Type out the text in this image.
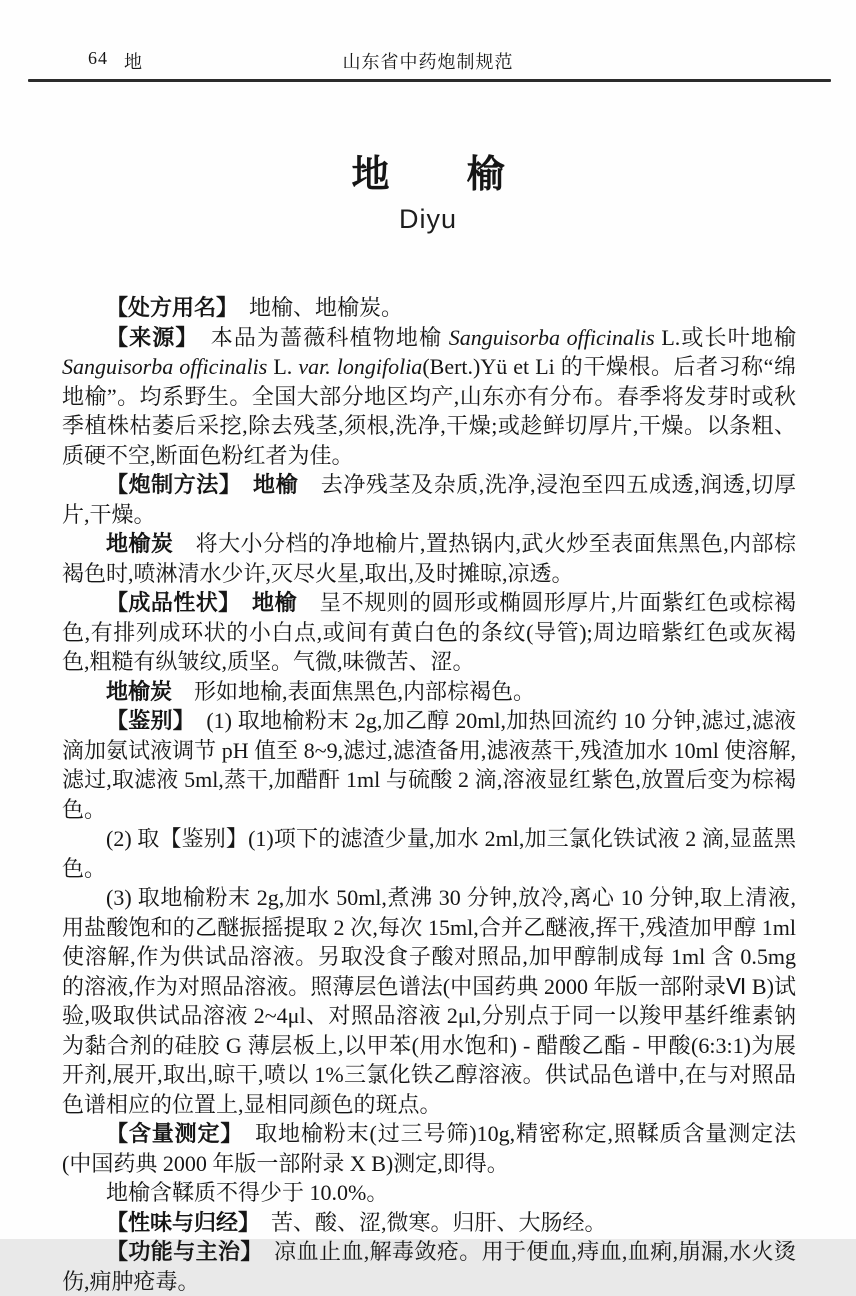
64 地	山东省中药炮制规范
地 榆
Diyu

【处方用名】　地榆、地榆炭。

【来源】　本品为蔷薇科植物地榆 Sanguisorba officinalis L.或长叶地榆 Sanguisorba officinalis L. var. longifolia(Bert.)Yü et Li 的干燥根。后者习称“绵地榆”。均系野生。全国大部分地区均产,山东亦有分布。春季将发芽时或秋季植株枯萎后采挖,除去残茎,须根,洗净,干燥;或趁鲜切厚片,干燥。以条粗、质硬不空,断面色粉红者为佳。

【炮制方法】　 地榆　去净残茎及杂质,洗净,浸泡至四五成透,润透,切厚片,干燥。

地榆炭　将大小分档的净地榆片,置热锅内,武火炒至表面焦黑色,内部棕褐色时,喷淋清水少许,灭尽火星,取出,及时摊晾,凉透。

【成品性状】　 地榆　呈不规则的圆形或椭圆形厚片,片面紫红色或棕褐色,有排列成环状的小白点,或间有黄白色的条纹(导管);周边暗紫红色或灰褐色,粗糙有纵皱纹,质坚。气微,味微苦、涩。

地榆炭　形如地榆,表面焦黑色,内部棕褐色。

【鉴别】　(1) 取地榆粉末 2g,加乙醇 20ml,加热回流约 10 分钟,滤过,滤液滴加氨试液调节 pH 值至 8~9,滤过,滤渣备用,滤液蒸干,残渣加水 10ml 使溶解,滤过,取滤液 5ml,蒸干,加醋酐 1ml 与硫酸 2 滴,溶液显红紫色,放置后变为棕褐色。

(2) 取【鉴别】(1)项下的滤渣少量,加水 2ml,加三氯化铁试液 2 滴,显蓝黑色。

(3) 取地榆粉末 2g,加水 50ml,煮沸 30 分钟,放冷,离心 10 分钟,取上清液,用盐酸饱和的乙醚振摇提取 2 次,每次 15ml,合并乙醚液,挥干,残渣加甲醇 1ml 使溶解,作为供试品溶液。另取没食子酸对照品,加甲醇制成每 1ml 含 0.5mg 的溶液,作为对照品溶液。照薄层色谱法(中国药典 2000 年版一部附录Ⅵ B)试验,吸取供试品溶液 2~4μl、对照品溶液 2μl,分别点于同一以羧甲基纤维素钠为黏合剂的硅胶 G 薄层板上,以甲苯(用水饱和) - 醋酸乙酯 - 甲酸(6:3:1)为展开剂,展开,取出,晾干,喷以 1%三氯化铁乙醇溶液。供试品色谱中,在与对照品色谱相应的位置上,显相同颜色的斑点。

【含量测定】　取地榆粉末(过三号筛)10g,精密称定,照鞣质含量测定法(中国药典 2000 年版一部附录 X B)测定,即得。

地榆含鞣质不得少于 10.0%。

【性味与归经】　苦、酸、涩,微寒。归肝、大肠经。

【功能与主治】　凉血止血,解毒敛疮。用于便血,痔血,血痢,崩漏,水火烫伤,痈肿疮毒。
